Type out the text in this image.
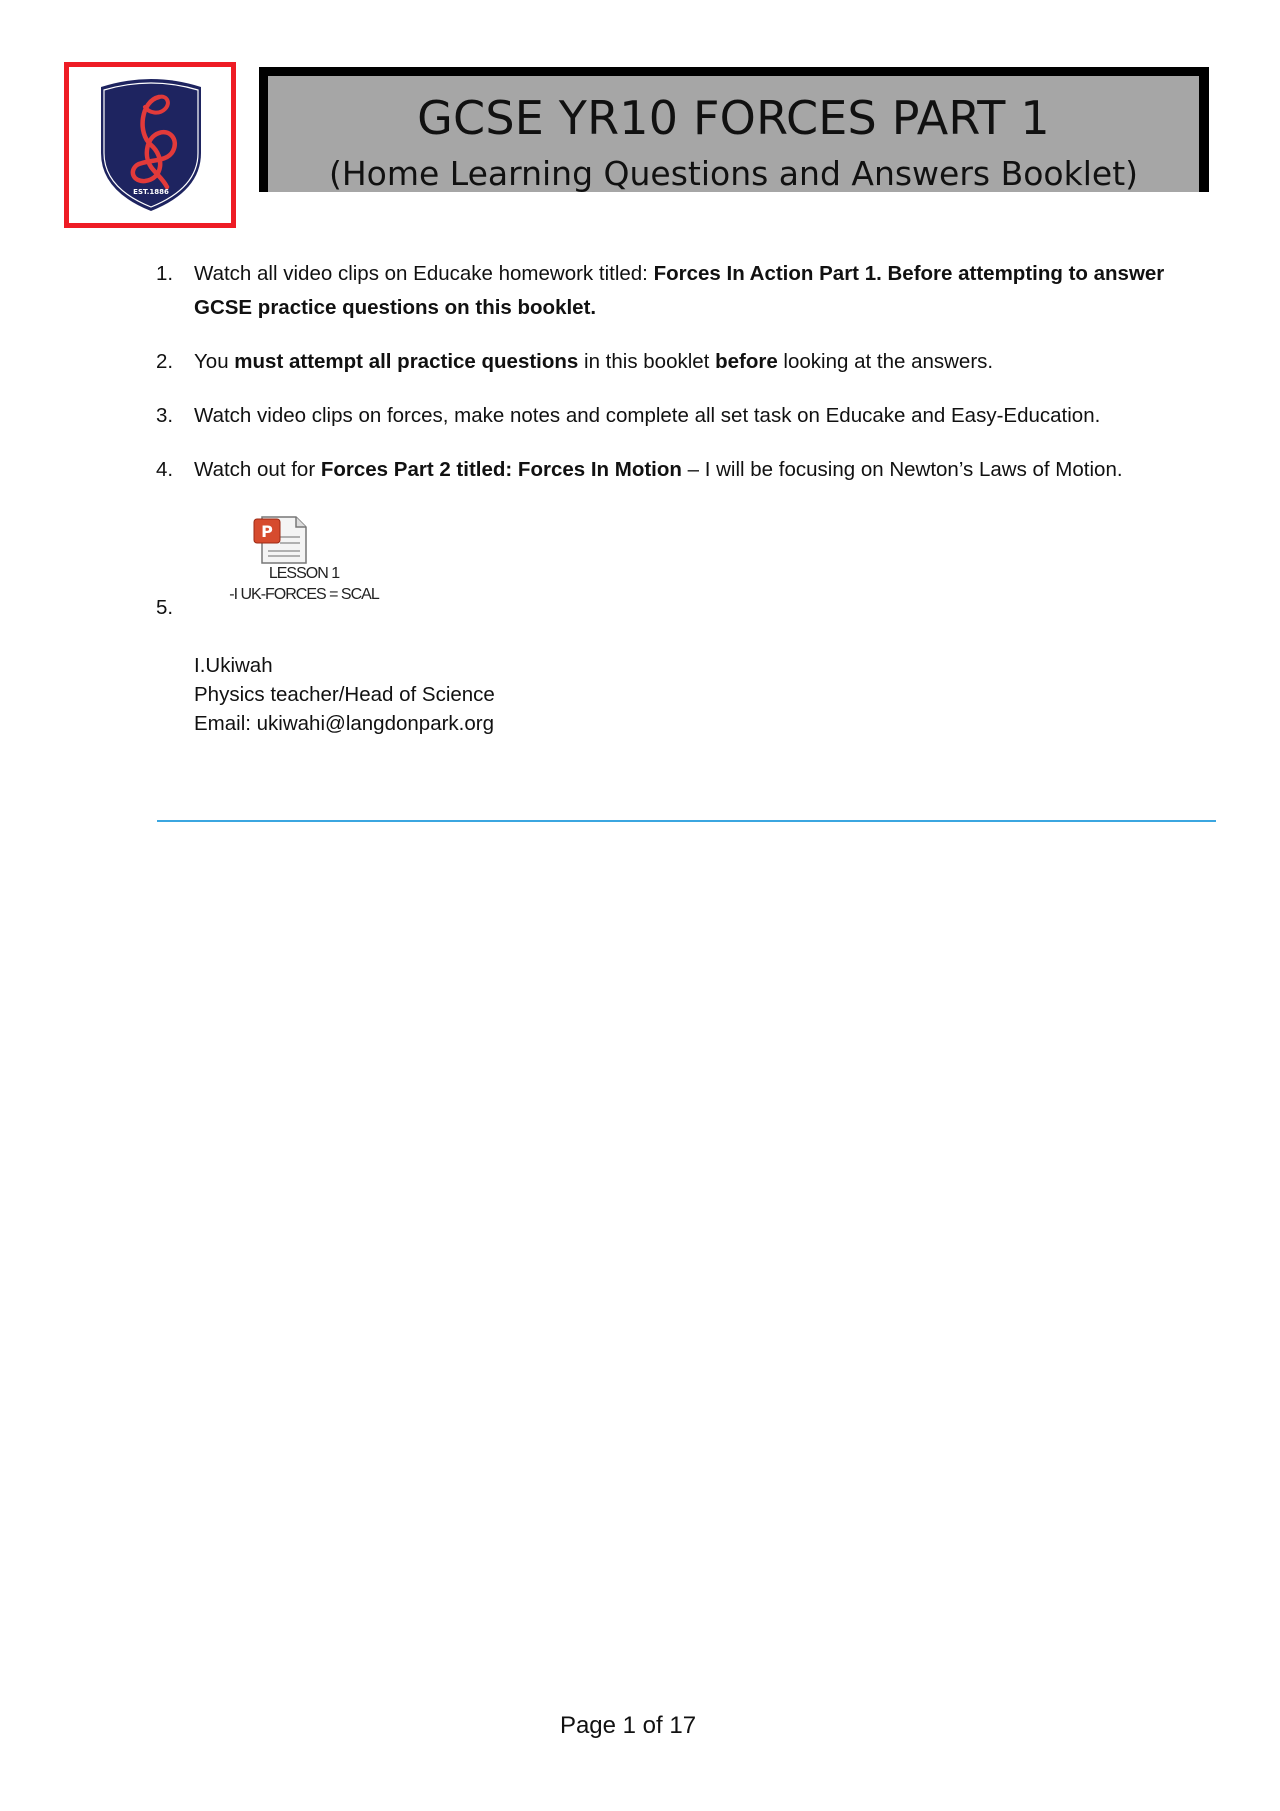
EST.1886
GCSE YR10 FORCES PART 1
(Home Learning Questions and Answers Booklet)
1. Watch all video clips on Educake homework titled: Forces In Action Part 1. Before attempting to answer GCSE practice questions on this booklet.
2. You must attempt all practice questions in this booklet before looking at the answers.
3. Watch video clips on forces, make notes and complete all set task on Educake and Easy-Education.
4. Watch out for Forces Part 2 titled: Forces In Motion – I will be focusing on Newton’s Laws of Motion.
5.
P
LESSON 1
-I UK-FORCES = SCAL
I.Ukiwah
Physics teacher/Head of Science
Email: ukiwahi@langdonpark.org
Page 1 of 17
